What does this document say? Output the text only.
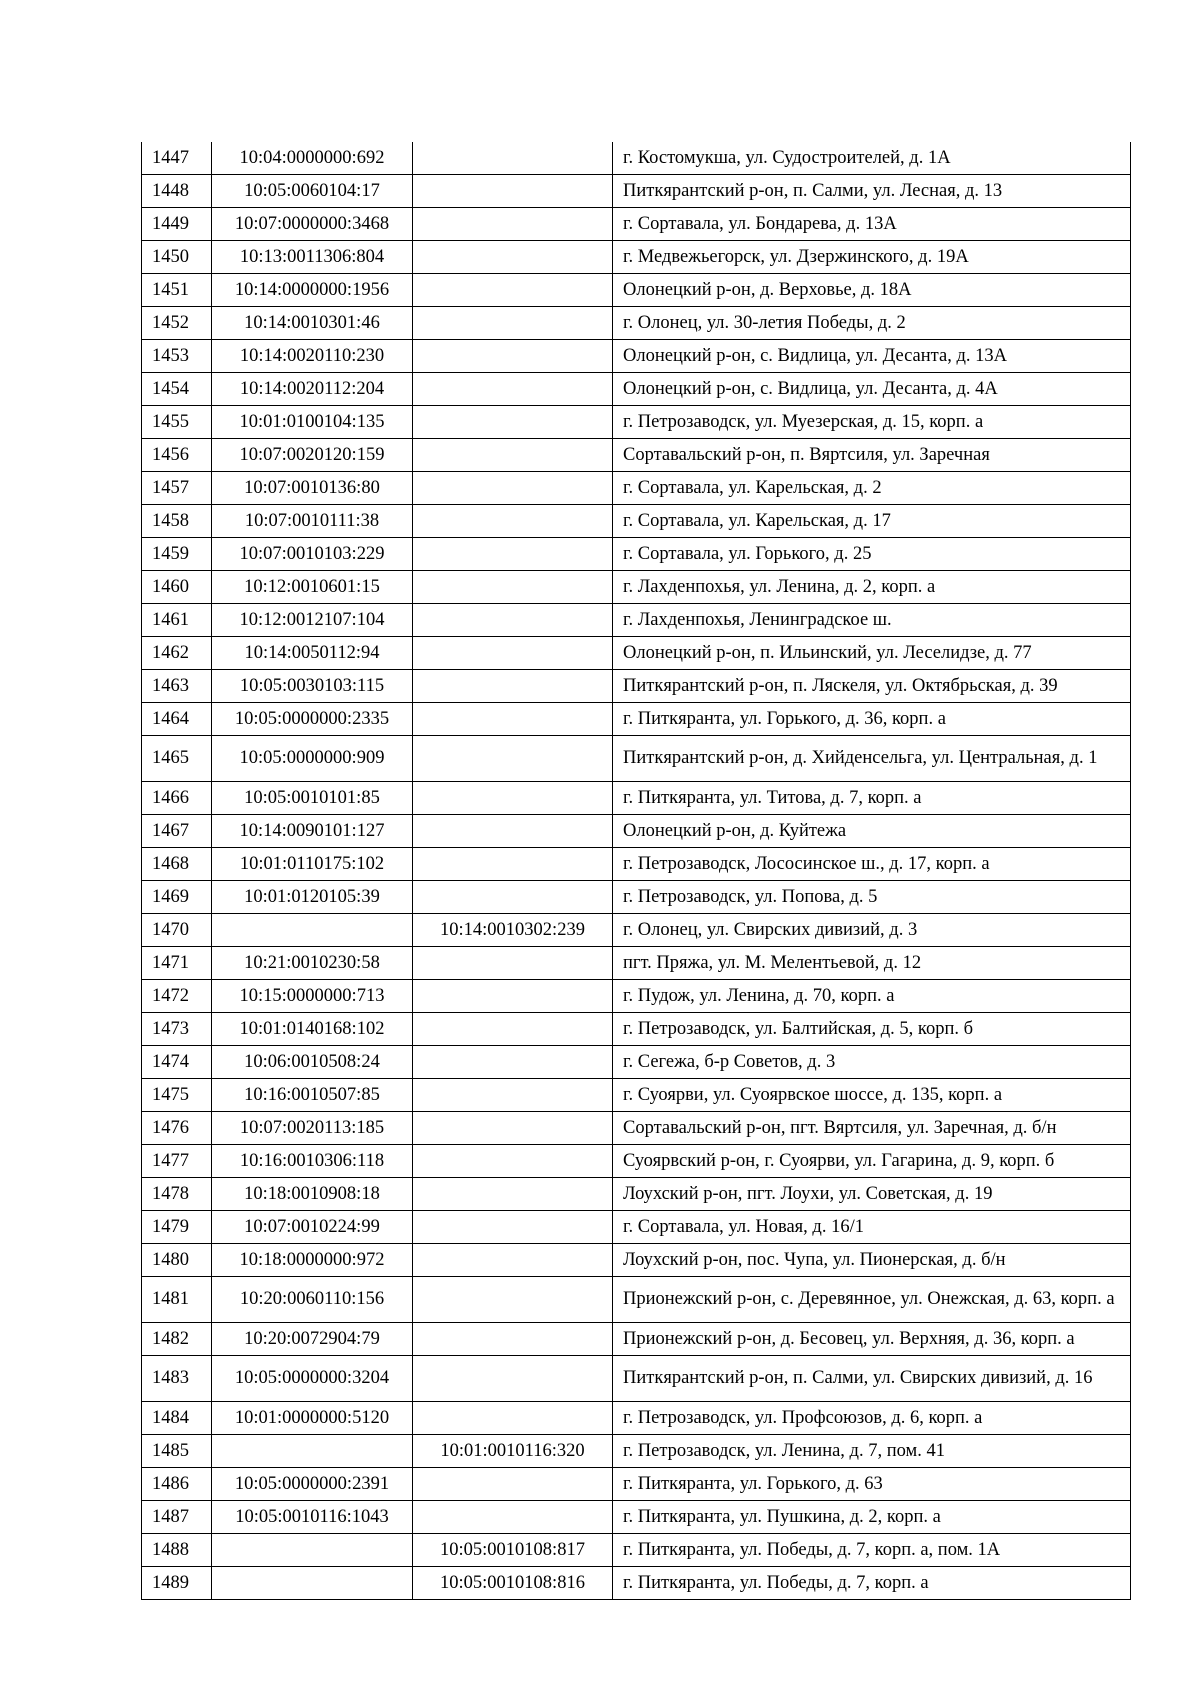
1447	10:04:0000000:692		г. Костомукша, ул. Судостроителей, д. 1А
1448	10:05:0060104:17		Питкярантский р-он, п. Салми, ул. Лесная, д. 13
1449	10:07:0000000:3468		г. Сортавала, ул. Бондарева, д. 13А
1450	10:13:0011306:804		г. Медвежьегорск, ул. Дзержинского, д. 19А
1451	10:14:0000000:1956		Олонецкий р-он, д. Верховье, д. 18А
1452	10:14:0010301:46		г. Олонец, ул. 30-летия Победы, д. 2
1453	10:14:0020110:230		Олонецкий р-он, с. Видлица, ул. Десанта, д. 13А
1454	10:14:0020112:204		Олонецкий р-он, с. Видлица, ул. Десанта, д. 4А
1455	10:01:0100104:135		г. Петрозаводск, ул. Муезерская, д. 15, корп. а
1456	10:07:0020120:159		Сортавальский р-он, п. Вяртсиля, ул. Заречная
1457	10:07:0010136:80		г. Сортавала, ул. Карельская, д. 2
1458	10:07:0010111:38		г. Сортавала, ул. Карельская, д. 17
1459	10:07:0010103:229		г. Сортавала, ул. Горького, д. 25
1460	10:12:0010601:15		г. Лахденпохья, ул. Ленина, д. 2, корп. а
1461	10:12:0012107:104		г. Лахденпохья, Ленинградское ш.
1462	10:14:0050112:94		Олонецкий р-он, п. Ильинский, ул. Леселидзе, д. 77
1463	10:05:0030103:115		Питкярантский р-он, п. Ляскеля, ул. Октябрьская, д. 39
1464	10:05:0000000:2335		г. Питкяранта, ул. Горького, д. 36, корп. а
1465	10:05:0000000:909		Питкярантский р-он, д. Хийденсельга, ул. Центральная, д. 1
1466	10:05:0010101:85		г. Питкяранта, ул. Титова, д. 7, корп. а
1467	10:14:0090101:127		Олонецкий р-он, д. Куйтежа
1468	10:01:0110175:102		г. Петрозаводск, Лососинское ш., д. 17, корп. а
1469	10:01:0120105:39		г. Петрозаводск, ул. Попова, д. 5
1470		10:14:0010302:239	г. Олонец, ул. Свирских дивизий, д. 3
1471	10:21:0010230:58		пгт. Пряжа, ул. М. Мелентьевой, д. 12
1472	10:15:0000000:713		г. Пудож, ул. Ленина, д. 70, корп. а
1473	10:01:0140168:102		г. Петрозаводск, ул. Балтийская, д. 5, корп. б
1474	10:06:0010508:24		г. Сегежа, б-р Советов, д. 3
1475	10:16:0010507:85		г. Суоярви, ул. Суоярвское шоссе, д. 135, корп. а
1476	10:07:0020113:185		Сортавальский р-он, пгт. Вяртсиля, ул. Заречная, д. б/н
1477	10:16:0010306:118		Суоярвский р-он, г. Суоярви, ул. Гагарина, д. 9, корп. б
1478	10:18:0010908:18		Лоухский р-он, пгт. Лоухи, ул. Советская, д. 19
1479	10:07:0010224:99		г. Сортавала, ул. Новая, д. 16/1
1480	10:18:0000000:972		Лоухский р-он, пос. Чупа, ул. Пионерская, д. б/н
1481	10:20:0060110:156		Прионежский р-он, с. Деревянное, ул. Онежская, д. 63, корп. а
1482	10:20:0072904:79		Прионежский р-он, д. Бесовец, ул. Верхняя, д. 36, корп. а
1483	10:05:0000000:3204		Питкярантский р-он, п. Салми, ул. Свирских дивизий, д. 16
1484	10:01:0000000:5120		г. Петрозаводск, ул. Профсоюзов, д. 6, корп. а
1485		10:01:0010116:320	г. Петрозаводск, ул. Ленина, д. 7, пом. 41
1486	10:05:0000000:2391		г. Питкяранта, ул. Горького, д. 63
1487	10:05:0010116:1043		г. Питкяранта, ул. Пушкина, д. 2, корп. а
1488		10:05:0010108:817	г. Питкяранта, ул. Победы, д. 7, корп. а, пом. 1А
1489		10:05:0010108:816	г. Питкяранта, ул. Победы, д. 7, корп. а
